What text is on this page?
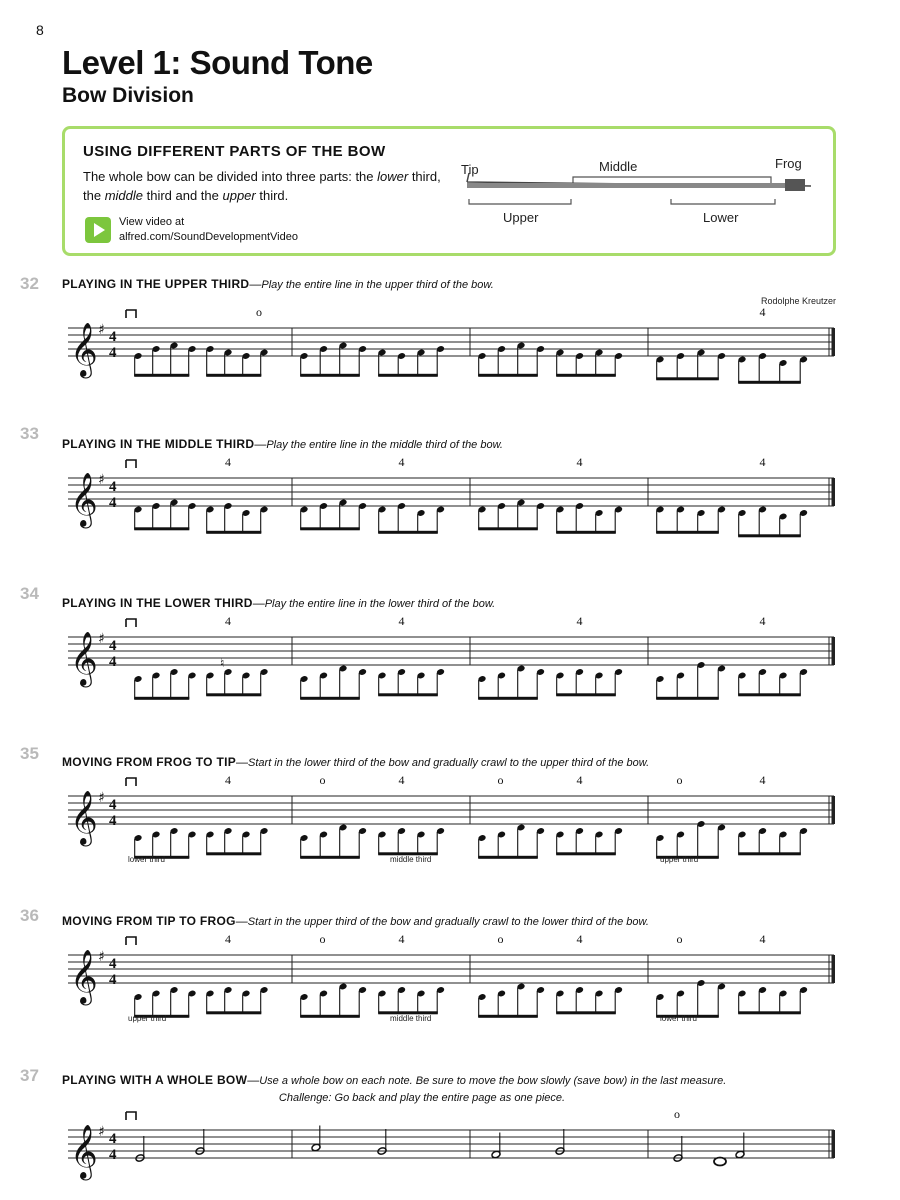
8
Level 1: Sound Tone
Bow Division
USING DIFFERENT PARTS OF THE BOW
The whole bow can be divided into three parts: the lower third, the middle third and the upper third.
View video at
alfred.com/SoundDevelopmentVideo
Tip	Middle	Frog
Upper	Lower
32 PLAYING IN THE UPPER THIRD—Play the entire line in the upper third of the bow.
Rodolphe Kreutzer
𝄞 ♯ 4
4
4
o
33
PLAYING IN THE MIDDLE THIRD—Play the entire line in the middle third of the bow.
𝄞 ♯ 4
4
4	4	4	4
34 PLAYING IN THE LOWER THIRD—Play the entire line in the lower third of the bow.
𝄞 ♯ 4
4
4	4	4	4
♮
35 MOVING FROM FROG TO TIP—Start in the lower third of the bow and gradually crawl to the upper third of the bow.
𝄞 ♯ 4
4
4	4
o	4
o	4
o
lower third	middle third	upper third
36 MOVING FROM TIP TO FROG—Start in the upper third of the bow and gradually crawl to the lower third of the bow.
𝄞 ♯ 4
4
4	4
o	4
o	4
o
upper third	middle third	lower third
37 PLAYING WITH A WHOLE BOW—Use a whole bow on each note. Be sure to move the bow slowly (save bow) in the last measure.
Challenge: Go back and play the entire page as one piece.
𝄞 ♯ 4
4
o
